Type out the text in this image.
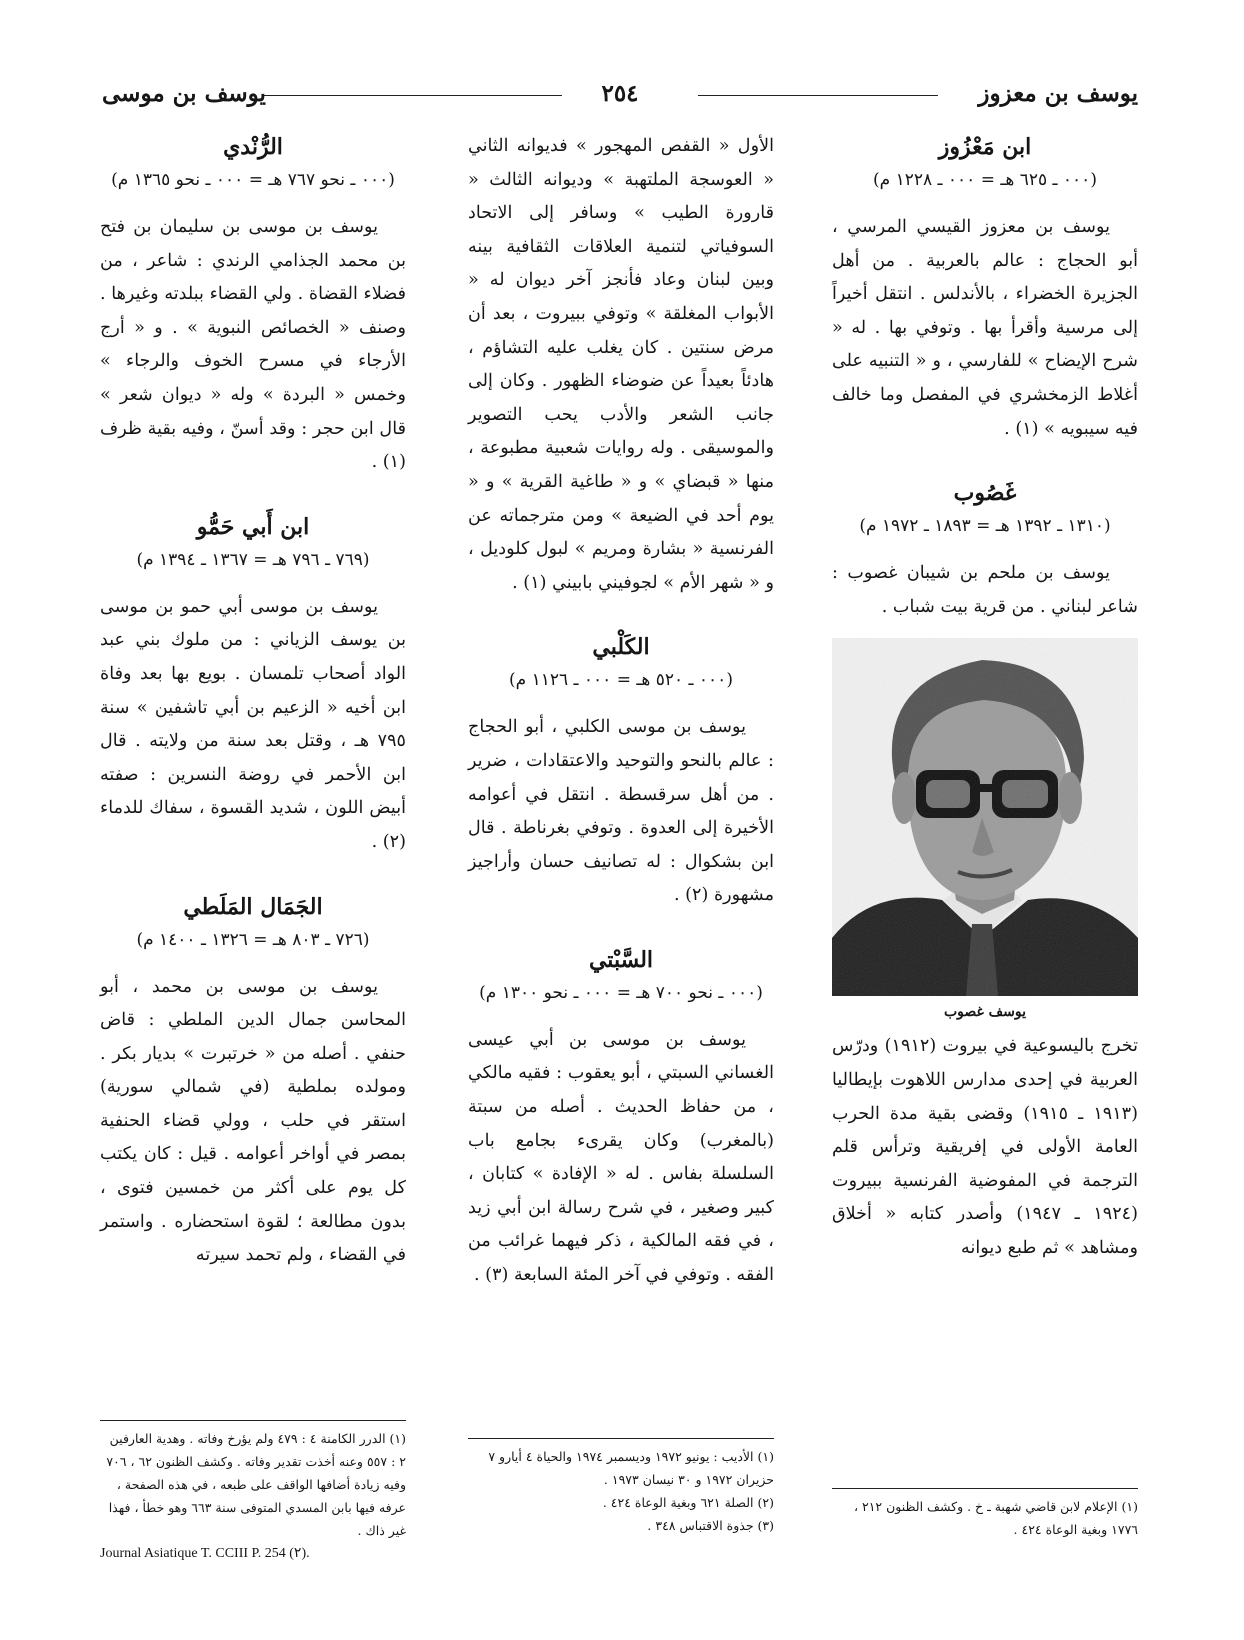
يوسف بن معزوز
٢٥٤
يوسف بن موسى

ابن مَعْزُوز

(٠٠٠ ـ ٦٢٥ هـ = ٠٠٠ ـ ١٢٢٨ م)

يوسف بن معزوز القيسي المرسي ، أبو الحجاج : عالم بالعربية . من أهل الجزيرة الخضراء ، بالأندلس . انتقل أخيراً إلى مرسية وأقرأ بها . وتوفي بها . له « شرح الإيضاح » للفارسي ، و « التنبيه على أغلاط الزمخشري في المفصل وما خالف فيه سيبويه » (١) .

غَصُوب

(١٣١٠ ـ ١٣٩٢ هـ = ١٨٩٣ ـ ١٩٧٢ م)

يوسف بن ملحم بن شيبان غصوب : شاعر لبناني . من قرية بيت شباب .

يوسف غصوب

تخرج باليسوعية في بيروت (١٩١٢) ودرّس العربية في إحدى مدارس اللاهوت بإيطاليا (١٩١٣ ـ ١٩١٥) وقضى بقية مدة الحرب العامة الأولى في إفريقية وترأس قلم الترجمة في المفوضية الفرنسية ببيروت (١٩٢٤ ـ ١٩٤٧) وأصدر كتابه « أخلاق ومشاهد » ثم طبع ديوانه

الأول « القفص المهجور » فديوانه الثاني « العوسجة الملتهبة » وديوانه الثالث « قارورة الطيب » وسافر إلى الاتحاد السوفياتي لتنمية العلاقات الثقافية بينه وبين لبنان وعاد فأنجز آخر ديوان له « الأبواب المغلقة » وتوفي ببيروت ، بعد أن مرض سنتين . كان يغلب عليه التشاؤم ، هادئاً بعيداً عن ضوضاء الظهور . وكان إلى جانب الشعر والأدب يحب التصوير والموسيقى . وله روايات شعبية مطبوعة ، منها « قبضاي » و « طاغية القرية » و « يوم أحد في الضيعة » ومن مترجماته عن الفرنسية « بشارة ومريم » لبول كلوديل ، و « شهر الأم » لجوفيني بابيني (١) .

الكَلْبي

(٠٠٠ ـ ٥٢٠ هـ = ٠٠٠ ـ ١١٢٦ م)

يوسف بن موسى الكلبي ، أبو الحجاج : عالم بالنحو والتوحيد والاعتقادات ، ضرير . من أهل سرقسطة . انتقل في أعوامه الأخيرة إلى العدوة . وتوفي بغرناطة . قال ابن بشكوال : له تصانيف حسان وأراجيز مشهورة (٢) .

السَّبْتي

(٠٠٠ ـ نحو ٧٠٠ هـ = ٠٠٠ ـ نحو ١٣٠٠ م)

يوسف بن موسى بن أبي عيسى الغساني السبتي ، أبو يعقوب : فقيه مالكي ، من حفاظ الحديث . أصله من سبتة (بالمغرب) وكان يقرىء بجامع باب السلسلة بفاس . له « الإفادة » كتابان ، كبير وصغير ، في شرح رسالة ابن أبي زيد ، في فقه المالكية ، ذكر فيهما غرائب من الفقه . وتوفي في آخر المئة السابعة (٣) .

الرُّنْدي

(٠٠٠ ـ نحو ٧٦٧ هـ = ٠٠٠ ـ نحو ١٣٦٥ م)

يوسف بن موسى بن سليمان بن فتح بن محمد الجذامي الرندي : شاعر ، من فضلاء القضاة . ولي القضاء ببلدته وغيرها . وصنف « الخصائص النبوية » . و « أرج الأرجاء في مسرح الخوف والرجاء » وخمس « البردة » وله « ديوان شعر » قال ابن حجر : وقد أسنّ ، وفيه بقية ظرف (١) .

ابن أَبي حَمُّو

(٧٦٩ ـ ٧٩٦ هـ = ١٣٦٧ ـ ١٣٩٤ م)

يوسف بن موسى أبي حمو بن موسى بن يوسف الزياني : من ملوك بني عبد الواد أصحاب تلمسان . بويع بها بعد وفاة ابن أخيه « الزعيم بن أبي تاشفين » سنة ٧٩٥ هـ ، وقتل بعد سنة من ولايته . قال ابن الأحمر في روضة النسرين : صفته أبيض اللون ، شديد القسوة ، سفاك للدماء (٢) .

الجَمَال المَلَطي

(٧٢٦ ـ ٨٠٣ هـ = ١٣٢٦ ـ ١٤٠٠ م)

يوسف بن موسى بن محمد ، أبو المحاسن جمال الدين الملطي : قاض حنفي . أصله من « خرتبرت » بديار بكر . ومولده بملطية (في شمالي سورية) استقر في حلب ، وولي قضاء الحنفية بمصر في أواخر أعوامه . قيل : كان يكتب كل يوم على أكثر من خمسين فتوى ، بدون مطالعة ؛ لقوة استحضاره . واستمر في القضاء ، ولم تحمد سيرته

(١) الإعلام لابن قاضي شهبة ـ خ . وكشف الظنون ٢١٢ ، ١٧٧٦ وبغية الوعاة ٤٢٤ .

(١) الأديب : يونيو ١٩٧٢ وديسمبر ١٩٧٤ والحياة ٤ أيارو ٧ حزيران ١٩٧٢ و ٣٠ نيسان ١٩٧٣ .

(٢) الصلة ٦٢١ وبغية الوعاة ٤٢٤ .

(٣) جذوة الاقتباس ٣٤٨ .

(١) الدرر الكامنة ٤ : ٤٧٩ ولم يؤرخ وفاته . وهدية العارفين ٢ : ٥٥٧ وعنه أخذت تقدير وفاته . وكشف الظنون ٦٢ ، ٧٠٦ وفيه زيادة أضافها الواقف على طبعه ، في هذه الصفحة ، عرفه فيها بابن المسدي المتوفى سنة ٦٦٣ وهو خطأ ، فهذا غير ذاك .

Journal Asiatique T. CCIII P. 254 (٢).
